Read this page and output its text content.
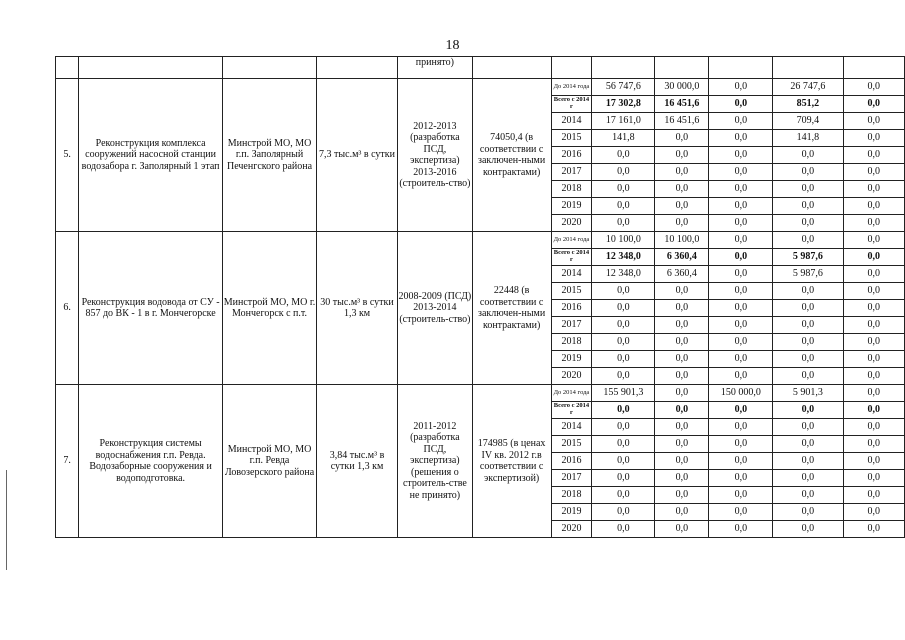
18
				принято)							
5.	Реконструкция комплекса сооружений насосной станции водозабора г. Заполярный 1 этап	Минстрой МО, МО г.п. Заполярный Печенгского района	7,3 тыс.м³ в сутки	2012-2013 (разработка ПСД, экспертиза) 2013-2016 (строитель-ство)	74050,4 (в соответствии с заключен-ными контрактами)	До 2014 года	56 747,6	30 000,0	0,0	26 747,6	0,0
						Всего с 2014 г	17 302,8	16 451,6	0,0	851,2	0,0
						2014	17 161,0	16 451,6	0,0	709,4	0,0
						2015	141,8	0,0	0,0	141,8	0,0
						2016	0,0	0,0	0,0	0,0	0,0
						2017	0,0	0,0	0,0	0,0	0,0
						2018	0,0	0,0	0,0	0,0	0,0
						2019	0,0	0,0	0,0	0,0	0,0
						2020	0,0	0,0	0,0	0,0	0,0
6.	Реконструкция водовода от СУ - 857 до ВК - 1 в г. Мончегорске	Минстрой МО, МО г. Мончегорск с п.т.	30 тыс.м³ в сутки 1,3 км	2008-2009 (ПСД) 2013-2014 (строитель-ство)	22448 (в соответствии с заключен-ными контрактами)	До 2014 года	10 100,0	10 100,0	0,0	0,0	0,0
						Всего с 2014 г	12 348,0	6 360,4	0,0	5 987,6	0,0
						2014	12 348,0	6 360,4	0,0	5 987,6	0,0
						2015	0,0	0,0	0,0	0,0	0,0
						2016	0,0	0,0	0,0	0,0	0,0
						2017	0,0	0,0	0,0	0,0	0,0
						2018	0,0	0,0	0,0	0,0	0,0
						2019	0,0	0,0	0,0	0,0	0,0
						2020	0,0	0,0	0,0	0,0	0,0
7.	Реконструкция системы водоснабжения г.п. Ревда. Водозаборные сооружения и водоподготовка.	Минстрой МО, МО г.п. Ревда Ловозерского района	3,84 тыс.м³ в сутки 1,3 км	2011-2012 (разработка ПСД, экспертиза) (решения о строитель-стве не принято)	174985 (в ценах IV кв. 2012 г.в соответствии с экспертизой)	До 2014 года	155 901,3	0,0	150 000,0	5 901,3	0,0
						Всего с 2014 г	0,0	0,0	0,0	0,0	0,0
						2014	0,0	0,0	0,0	0,0	0,0
						2015	0,0	0,0	0,0	0,0	0,0
						2016	0,0	0,0	0,0	0,0	0,0
						2017	0,0	0,0	0,0	0,0	0,0
						2018	0,0	0,0	0,0	0,0	0,0
						2019	0,0	0,0	0,0	0,0	0,0
						2020	0,0	0,0	0,0	0,0	0,0
